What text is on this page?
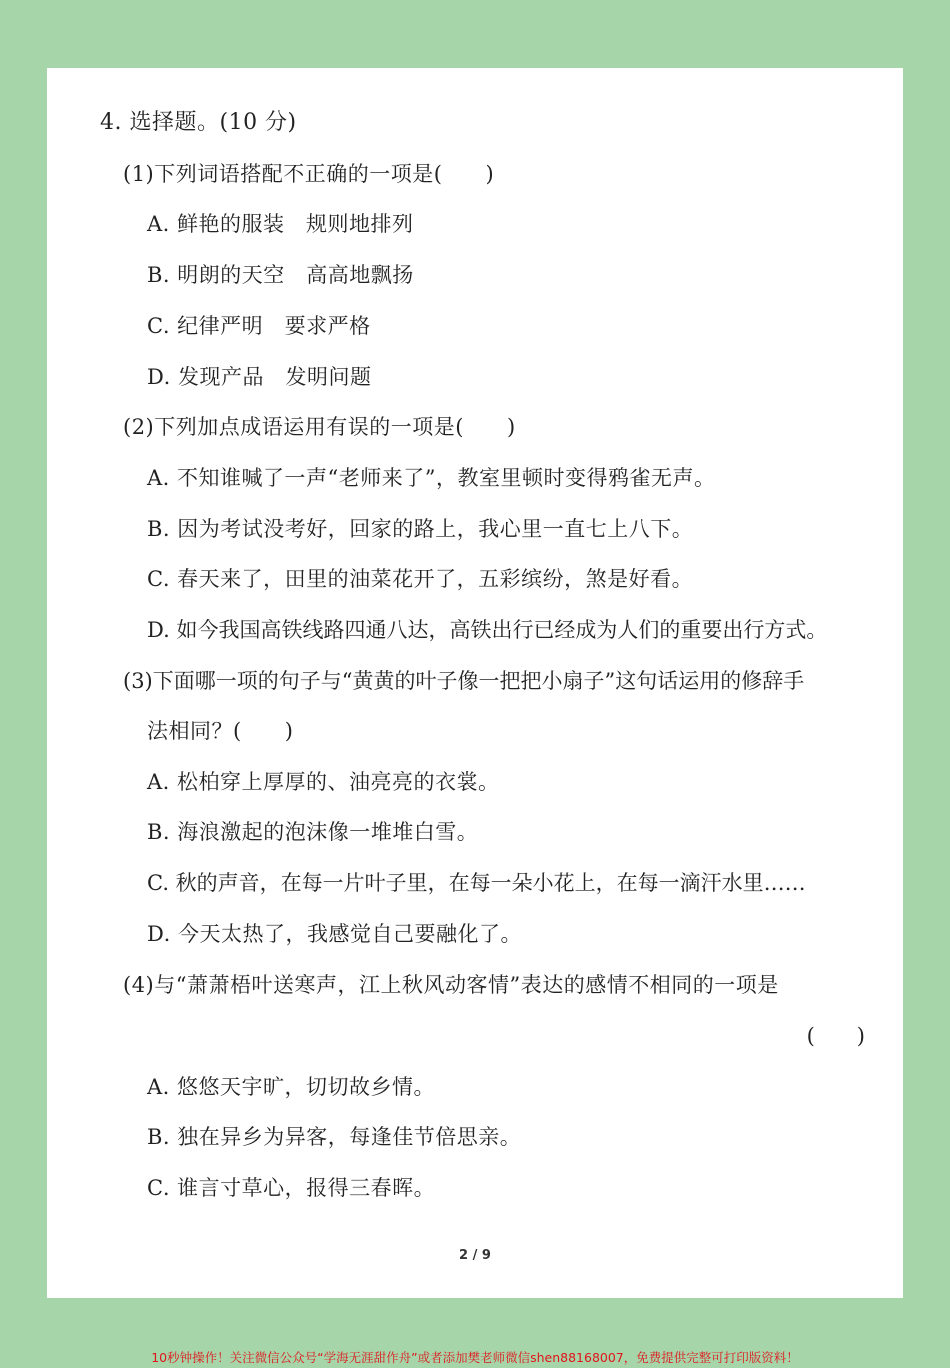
4. 选择题。(10 分)
(1)下列词语搭配不正确的一项是(　　)
A. 鲜艳的服装　规则地排列
B. 明朗的天空　高高地飘扬
C. 纪律严明　要求严格
D. 发现产品　发明问题
(2)下列加点成语运用有误的一项是(　　)
A. 不知谁喊了一声“老师来了”，教室里顿时变得鸦雀无声。
B. 因为考试没考好，回家的路上，我心里一直七上八下。
C. 春天来了，田里的油菜花开了，五彩缤纷，煞是好看。
D. 如今我国高铁线路四通八达，高铁出行已经成为人们的重要出行方式。
(3)下面哪一项的句子与“黄黄的叶子像一把把小扇子”这句话运用的修辞手
法相同？(　　)
A. 松柏穿上厚厚的、油亮亮的衣裳。
B. 海浪激起的泡沫像一堆堆白雪。
C. 秋的声音，在每一片叶子里，在每一朵小花上，在每一滴汗水里……
D. 今天太热了，我感觉自己要融化了。
(4)与“萧萧梧叶送寒声，江上秋风动客情”表达的感情不相同的一项是
(　　)
A. 悠悠天宇旷，切切故乡情。
B. 独在异乡为异客，每逢佳节倍思亲。
C. 谁言寸草心，报得三春晖。
2 / 9
10秒钟操作！关注微信公众号“学海无涯甜作舟”或者添加樊老师微信shen88168007，免费提供完整可打印版资料！
